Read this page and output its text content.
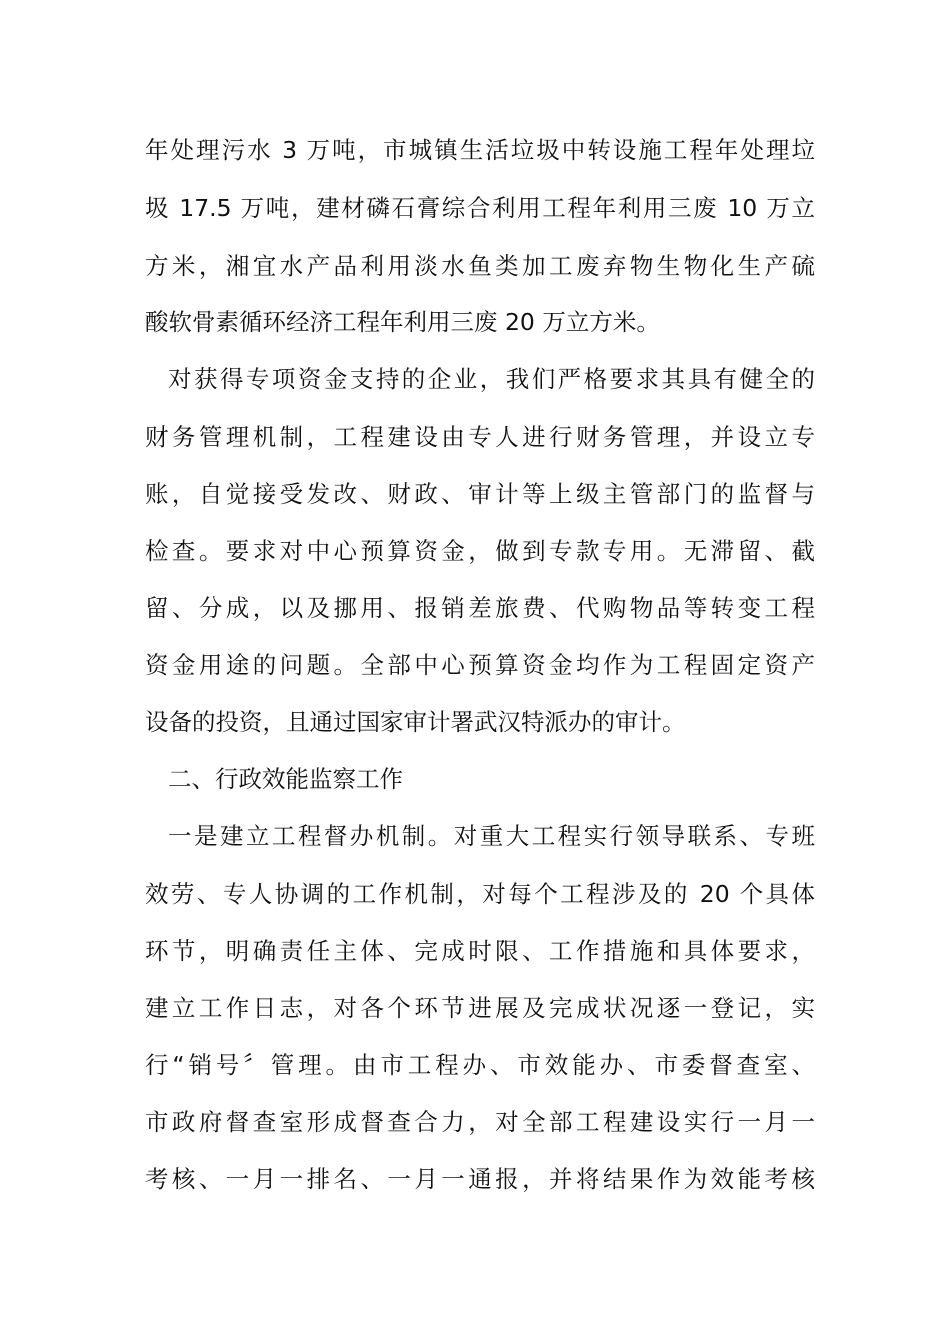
年处理污水 3 万吨，市城镇生活垃圾中转设施工程年处理垃
圾 17.5 万吨，建材磷石膏综合利用工程年利用三废 10 万立
方米，湘宜水产品利用淡水鱼类加工废弃物生物化生产硫
酸软骨素循环经济工程年利用三废 20 万立方米。
对获得专项资金支持的企业，我们严格要求其具有健全的
财务管理机制，工程建设由专人进行财务管理，并设立专
账，自觉接受发改、财政、审计等上级主管部门的监督与
检查。要求对中心预算资金，做到专款专用。无滞留、截
留、分成，以及挪用、报销差旅费、代购物品等转变工程
资金用途的问题。全部中心预算资金均作为工程固定资产
设备的投资，且通过国家审计署武汉特派办的审计。
二、行政效能监察工作
一是建立工程督办机制。对重大工程实行领导联系、专班
效劳、专人协调的工作机制，对每个工程涉及的 20 个具体
环节，明确责任主体、完成时限、工作措施和具体要求，
建立工作日志，对各个环节进展及完成状况逐一登记，实
行“销号〞管理。由市工程办、市效能办、市委督查室、
市政府督查室形成督查合力，对全部工程建设实行一月一
考核、一月一排名、一月一通报，并将结果作为效能考核
